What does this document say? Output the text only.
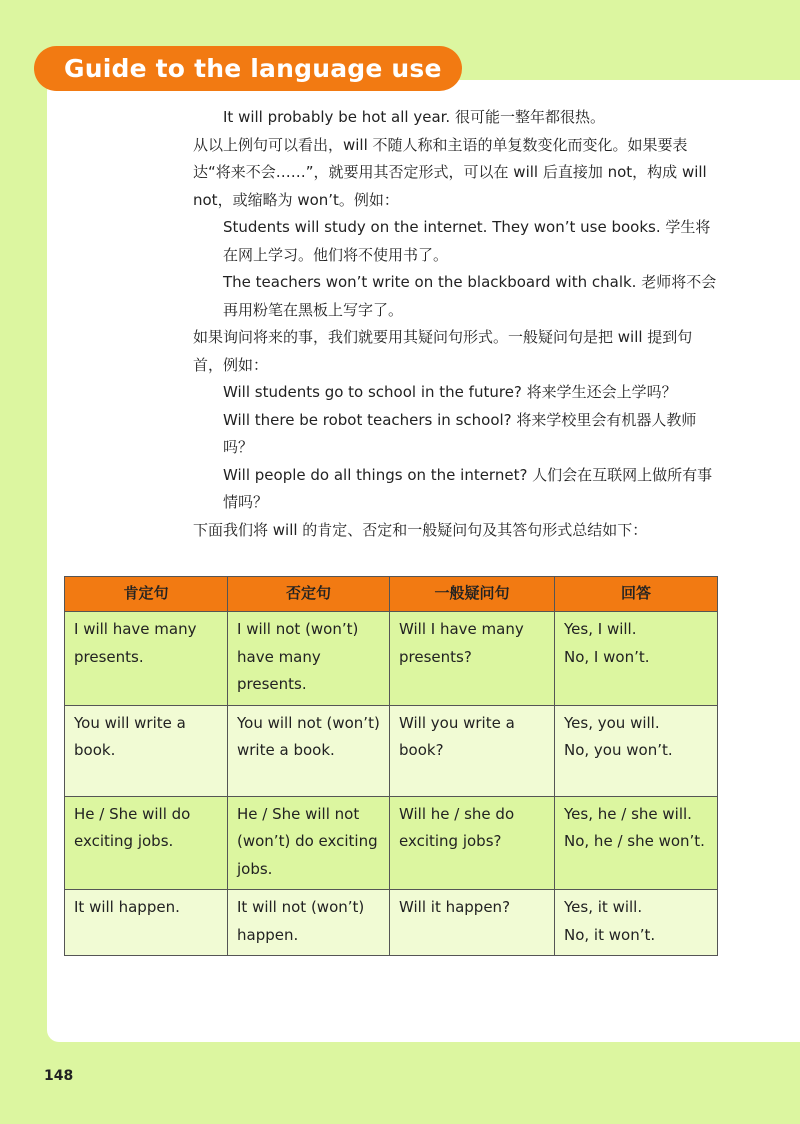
Guide to the language use

It will probably be hot all year. 很可能一整年都很热。

从以上例句可以看出，will 不随人称和主语的单复数变化而变化。如果要表达“将来不会……”，就要用其否定形式，可以在 will 后直接加 not，构成 will not，或缩略为 won’t。例如：

Students will study on the internet. They won’t use books. 学生将在网上学习。他们将不使用书了。

The teachers won’t write on the blackboard with chalk. 老师将不会再用粉笔在黑板上写字了。

如果询问将来的事，我们就要用其疑问句形式。一般疑问句是把 will 提到句首，例如：

Will students go to school in the future? 将来学生还会上学吗？

Will there be robot teachers in school? 将来学校里会有机器人教师吗？

Will people do all things on the internet? 人们会在互联网上做所有事情吗？

下面我们将 will 的肯定、否定和一般疑问句及其答句形式总结如下：

肯定句	否定句	一般疑问句	回答
I will have many presents.	I will not (won’t) have many presents.	Will I have many presents?	Yes, I will.
No, I won’t.

You will write a book.	You will not (won’t) write a book.	Will you write a book?	Yes, you will.
No, you won’t.

He / She will do exciting jobs.	He / She will not (won’t) do exciting jobs.	Will he / she do exciting jobs?	Yes, he / she will.
No, he / she won’t.

It will happen.	It will not (won’t) happen.	Will it happen?	Yes, it will.
No, it won’t.
148
